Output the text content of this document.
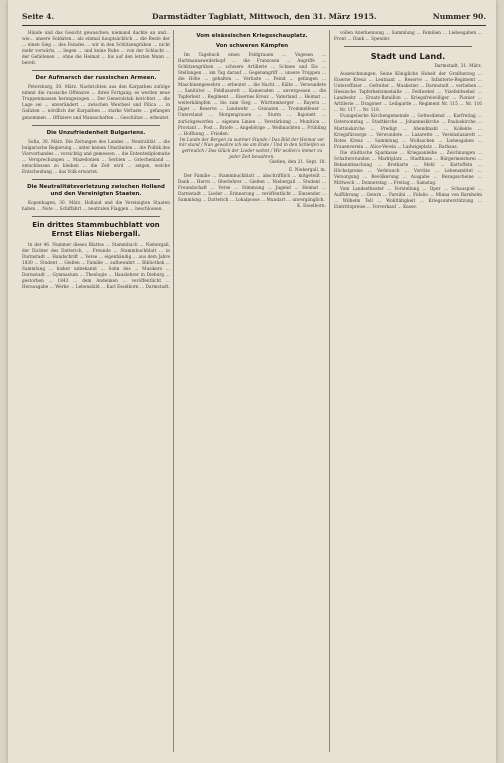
Seite 4.	Darmstädter Tagblatt, Mittwoch, den 31. März 1915.	Nummer 90.

Hände und das Gesicht gewaschen; niemand dachte an und... wie... unsere Soldaten... als einmal hauptsächlich ... die Reste der ... einen Sieg ... des Feindes ... wir in den Schützengräben ... nicht mehr vorwärts, ... liegen ... und keine Ruhe ... von der Schlacht ... der Gefallenen ... ohne die Heimat ... bis auf den letzten Mann ... bereit.

Der Aufmarsch der russischen Armeen.

Petersburg, 30. März. Nachrichten aus den Karpathen zufolge nimmt die russische Offensive ... ihren Fortgang; es werden neue Truppenmassen herangezogen ... Der Generalstab berichtet ... die Lage sei ... unverändert ... zwischen Weichsel und Pilica ... in Galizien ... nördlich der Karpathen ... starke Verluste ... gefangen genommen ... Offiziere und Mannschaften ... Geschütze ... erbeutet.

Die Unzufriedenheit Bulgariens.

Sofia, 30. März. Die Zeitungen des Landes ... Neutralität ... die bulgarische Regierung ... unter keinen Umständen ... die Politik des Vierverbandes ... vorsichtig und gemessen ... die Ententediplomatie ... Versprechungen ... Mazedonien ... Serbien ... Griechenland ... entschlossen zu bleiben ... die Zeit wird ... zeigen, welche Entscheidung ... das Volk erwartet.

Die Neutralitätsverletzung zwischen Holland und den Vereinigten Staaten.

Kopenhagen, 30. März. Holland und die Vereinigten Staaten haben ... Note ... Schiffahrt ... neutralen Flaggen ... beschlossen.

Ein drittes Stammbuchblatt von Ernst Elias Niebergall.

In der 46. Nummer dieses Blattes ... Stammbuch ... Niebergall, der Dichter des Datterich, ... Freunde ... Stammbuchblatt ... in Darmstadt ... Handschrift ... Verse ... eigenhändig ... aus dem Jahre 1830 ... Student ... Gießen ... Familie ... aufbewahrt ... Bibliothek ... Sammlung ... bisher unbekannt ... Sohn des ... Musikers ... Darmstadt ... Gymnasium ... Theologie ... Hauslehrer in Dieburg ... gestorben ... 1843 ... dem Andenken ... veröffentlicht ... Herausgabe ... Werke ... Lebensbild ... Karl Esselborn ... Darmstadt.

Vom elsässischen Kriegsschauplatz.
Von schweren Kämpfen

Im Tagebuch eines Feldgrauen ... Vogesen ... Hartmannsweilerkopf ... die Franzosen ... Angriffe ... Schützengräben ... schwere Artillerie ... Schnee und Eis ... Stellungen ... am Tag darauf ... Gegenangriff ... unsere Truppen ... die Höhe ... gehalten ... Verluste ... Feind ... gefangen ... Maschinengewehre ... erbeutet ... die Nacht ... Kälte ... Verwundete ... Sanitäter ... Feldlazarett ... Kameraden ... unvergessen ... die Tapferkeit ... Regiment ... Eisernes Kreuz ... Vaterland ... Heimat ... weiterkämpfen ... bis zum Sieg ... Württemberger ... Bayern ... Jäger ... Reserve ... Landwehr ... Granaten ... Trommelfeuer ... Unterstand ... Morgengrauen ... Sturm ... Bajonett ... zurückgeworfen ... eigenen Linien ... Verstärkung ... Munition ... Proviant ... Post ... Briefe ... Angehörige ... Weihnachten ... Frühling ... Hoffnung ... Frieden.

Im Lande der Bergen zu warmer Stunde / Das Bild der Heimat vor mir stand / Nun gewahre ich sie am Ende / Und in den Schleifen so getreulich / Das Glück der Lieder wohnt / Wir wollen's immer zu jeder Zeit bewahren.
Gießen, den 21. Sept. 18.
E. Niebergall, m.

Der Familie ... Stammbuchblatt ... abschriftlich ... mitgeteilt ... Dank ... Herrn ... Oberlehrer ... Gießen ... Niebergall ... Student ... Freundschaft ... Verse ... Stimmung ... Jugend ... Heimat ... Darmstadt ... Lieder ... Erinnerung ... veröffentlicht ... Einsender ... Sammlung ... Datterich ... Lokalposse ... Mundart ... unvergänglich.

K. Esselborn.

vollen Anerkennung ... Sammlung ... Familien ... Liebesgaben ... Front ... Dank ... Spender.

Stadt und Land.
Darmstadt, 31. März.

Auszeichnungen. Seine Königliche Hoheit der Großherzog ... Eiserne Kreuz ... Leutnant ... Reserve ... Infanterie-Regiment ... Unteroffizier ... Gefreiter ... Musketier ... Darmstadt ... verliehen ... Hessische Tapferkeitsmedaille ... Feldwebel ... Vizefeldwebel ... Landwehr ... Ersatz-Bataillon ... Kriegsfreiwilliger ... Pionier ... Artillerie ... Dragoner ... Leibgarde ... Regiment Nr. 115 ... Nr. 116 ... Nr. 117 ... Nr. 118.

Evangelische Kirchengemeinde ... Gottesdienst ... Karfreitag ... Ostersonntag ... Stadtkirche ... Johanneskirche ... Pauluskirche ... Martinskirche ... Predigt ... Abendmahl ... Kollekte ... Kriegsfürsorge ... Verwundete ... Lazarette ... Vereinslazarett ... Rotes Kreuz ... Sammlung ... Wollsachen ... Liebesgaben ... Frauenverein ... Alice-Verein ... Ludwigsplatz ... Rathaus.

Die städtische Sparkasse ... Kriegsanleihe ... Zeichnungen ... Schalterstunden ... Marktplatz ... Stadthaus ... Bürgermeisterei ... Bekanntmachung ... Brotkarte ... Mehl ... Kartoffeln ... Höchstpreise ... Verbrauch ... Vorräte ... Lebensmittel ... Versorgung ... Bevölkerung ... Ausgabe ... Bezugsscheine ... Mittwoch ... Donnerstag ... Freitag ... Samstag.

Vom Landestheater ... Vorstellung ... Oper ... Schauspiel ... Aufführung ... Ostern ... Parsifal ... Fidelio ... Minna von Barnhelm ... Wilhelm Tell ... Wohltätigkeit ... Kriegsunterstützung ... Eintrittspreise ... Vorverkauf ... Kasse.
